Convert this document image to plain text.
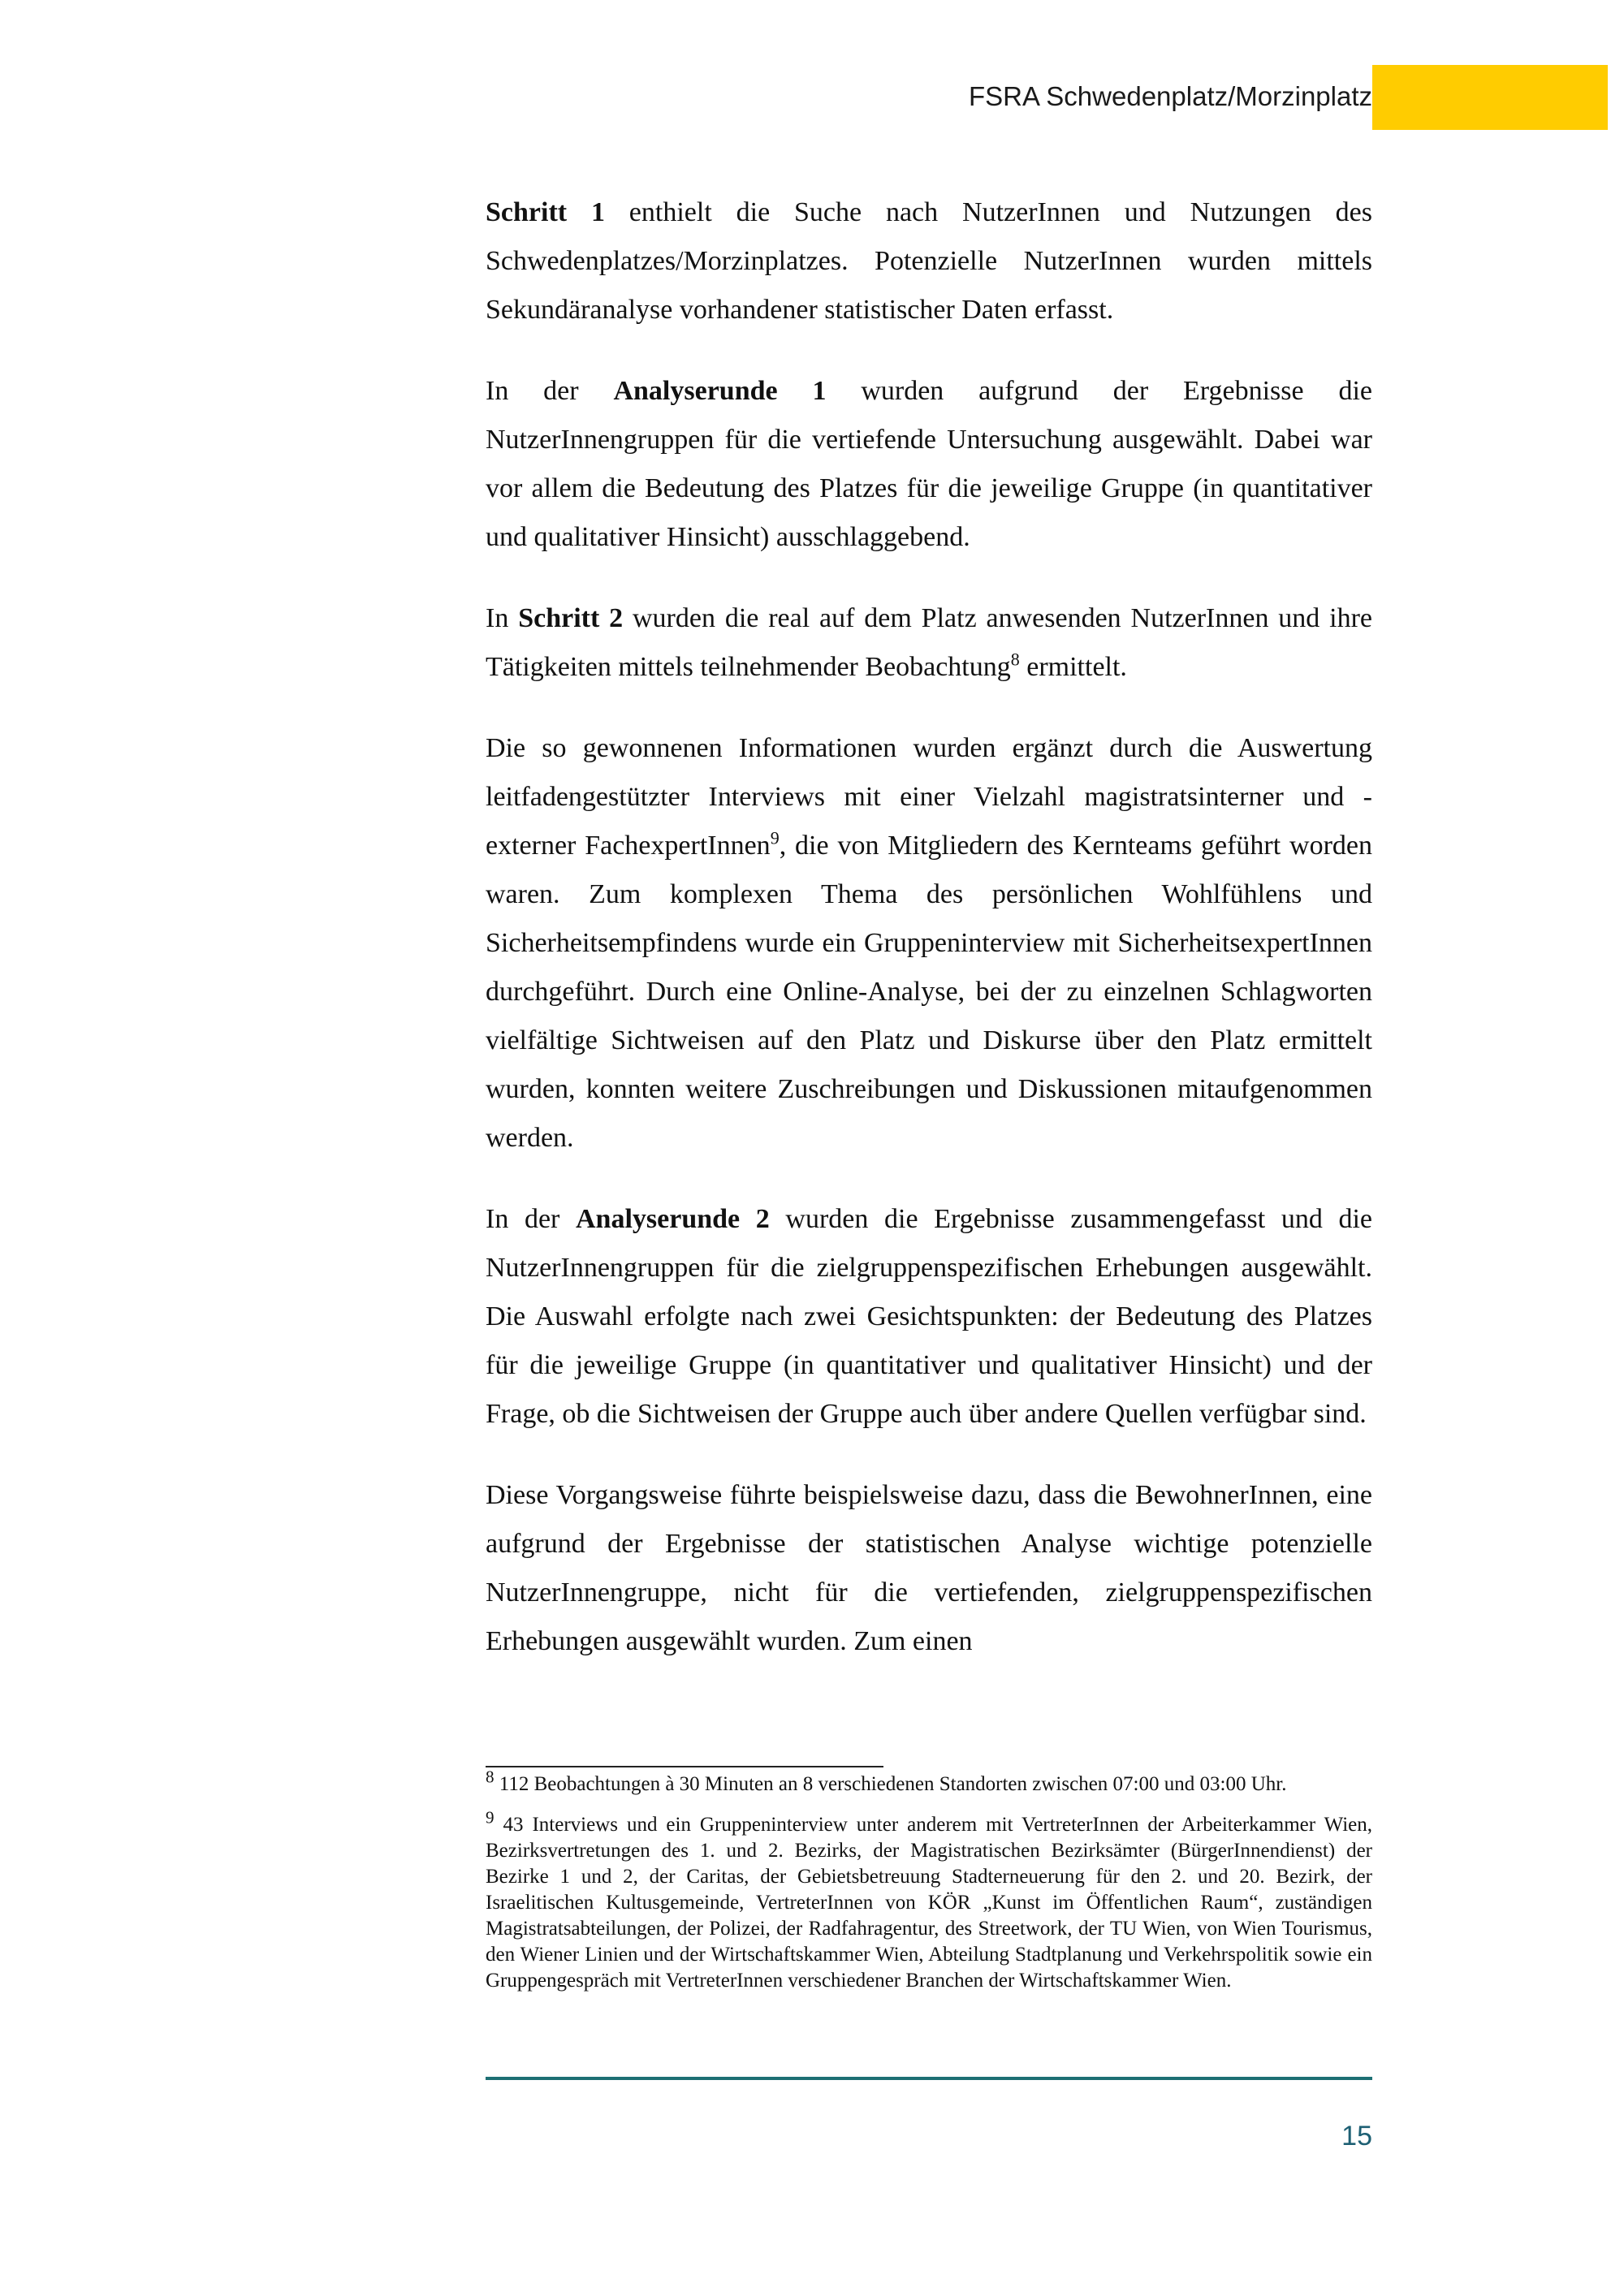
FSRA Schwedenplatz/Morzinplatz

Schritt 1 enthielt die Suche nach NutzerInnen und Nutzungen des Schwedenplatzes/Morzinplatzes. Potenzielle NutzerInnen wurden mittels Sekundäranalyse vorhandener statistischer Daten erfasst.

In der Analyserunde 1 wurden aufgrund der Ergebnisse die NutzerInnengruppen für die vertiefende Untersuchung ausgewählt. Dabei war vor allem die Bedeutung des Platzes für die jeweilige Gruppe (in quantitativer und qualitativer Hinsicht) ausschlaggebend.

In Schritt 2 wurden die real auf dem Platz anwesenden NutzerInnen und ihre Tätigkeiten mittels teilnehmender Beobachtung$^8$ ermittelt.

Die so gewonnenen Informationen wurden ergänzt durch die Auswertung leitfadengestützter Interviews mit einer Vielzahl magistratsinterner und -externer FachexpertInnen$^9$, die von Mitgliedern des Kernteams geführt worden waren. Zum komplexen Thema des persönlichen Wohlfühlens und Sicherheitsempfindens wurde ein Gruppeninterview mit SicherheitsexpertInnen durchgeführt. Durch eine Online-Analyse, bei der zu einzelnen Schlagworten vielfältige Sichtweisen auf den Platz und Diskurse über den Platz ermittelt wurden, konnten weitere Zuschreibungen und Diskussionen mitaufgenommen werden.

In der Analyserunde 2 wurden die Ergebnisse zusammengefasst und die NutzerInnengruppen für die zielgruppenspezifischen Erhebungen ausgewählt. Die Auswahl erfolgte nach zwei Gesichtspunkten: der Bedeutung des Platzes für die jeweilige Gruppe (in quantitativer und qualitativer Hinsicht) und der Frage, ob die Sichtweisen der Gruppe auch über andere Quellen verfügbar sind.

Diese Vorgangsweise führte beispielsweise dazu, dass die BewohnerInnen, eine aufgrund der Ergebnisse der statistischen Analyse wichtige potenzielle NutzerInnengruppe, nicht für die vertiefenden, zielgruppenspezifischen Erhebungen ausgewählt wurden. Zum einen

$^8$ 112 Beobachtungen à 30 Minuten an 8 verschiedenen Standorten zwischen 07:00 und 03:00 Uhr.

$^9$ 43 Interviews und ein Gruppeninterview unter anderem mit VertreterInnen der Arbeiterkammer Wien, Bezirksvertretungen des 1. und 2. Bezirks, der Magistratischen Bezirksämter (BürgerInnendienst) der Bezirke 1 und 2, der Caritas, der Gebietsbetreuung Stadterneuerung für den 2. und 20. Bezirk, der Israelitischen Kultusgemeinde, VertreterInnen von KÖR „Kunst im Öffentlichen Raum“, zuständigen Magistratsabteilungen, der Polizei, der Radfahragentur, des Streetwork, der TU Wien, von Wien Tourismus, den Wiener Linien und der Wirtschaftskammer Wien, Abteilung Stadtplanung und Verkehrspolitik sowie ein Gruppengespräch mit VertreterInnen verschiedener Branchen der Wirtschaftskammer Wien.

15
